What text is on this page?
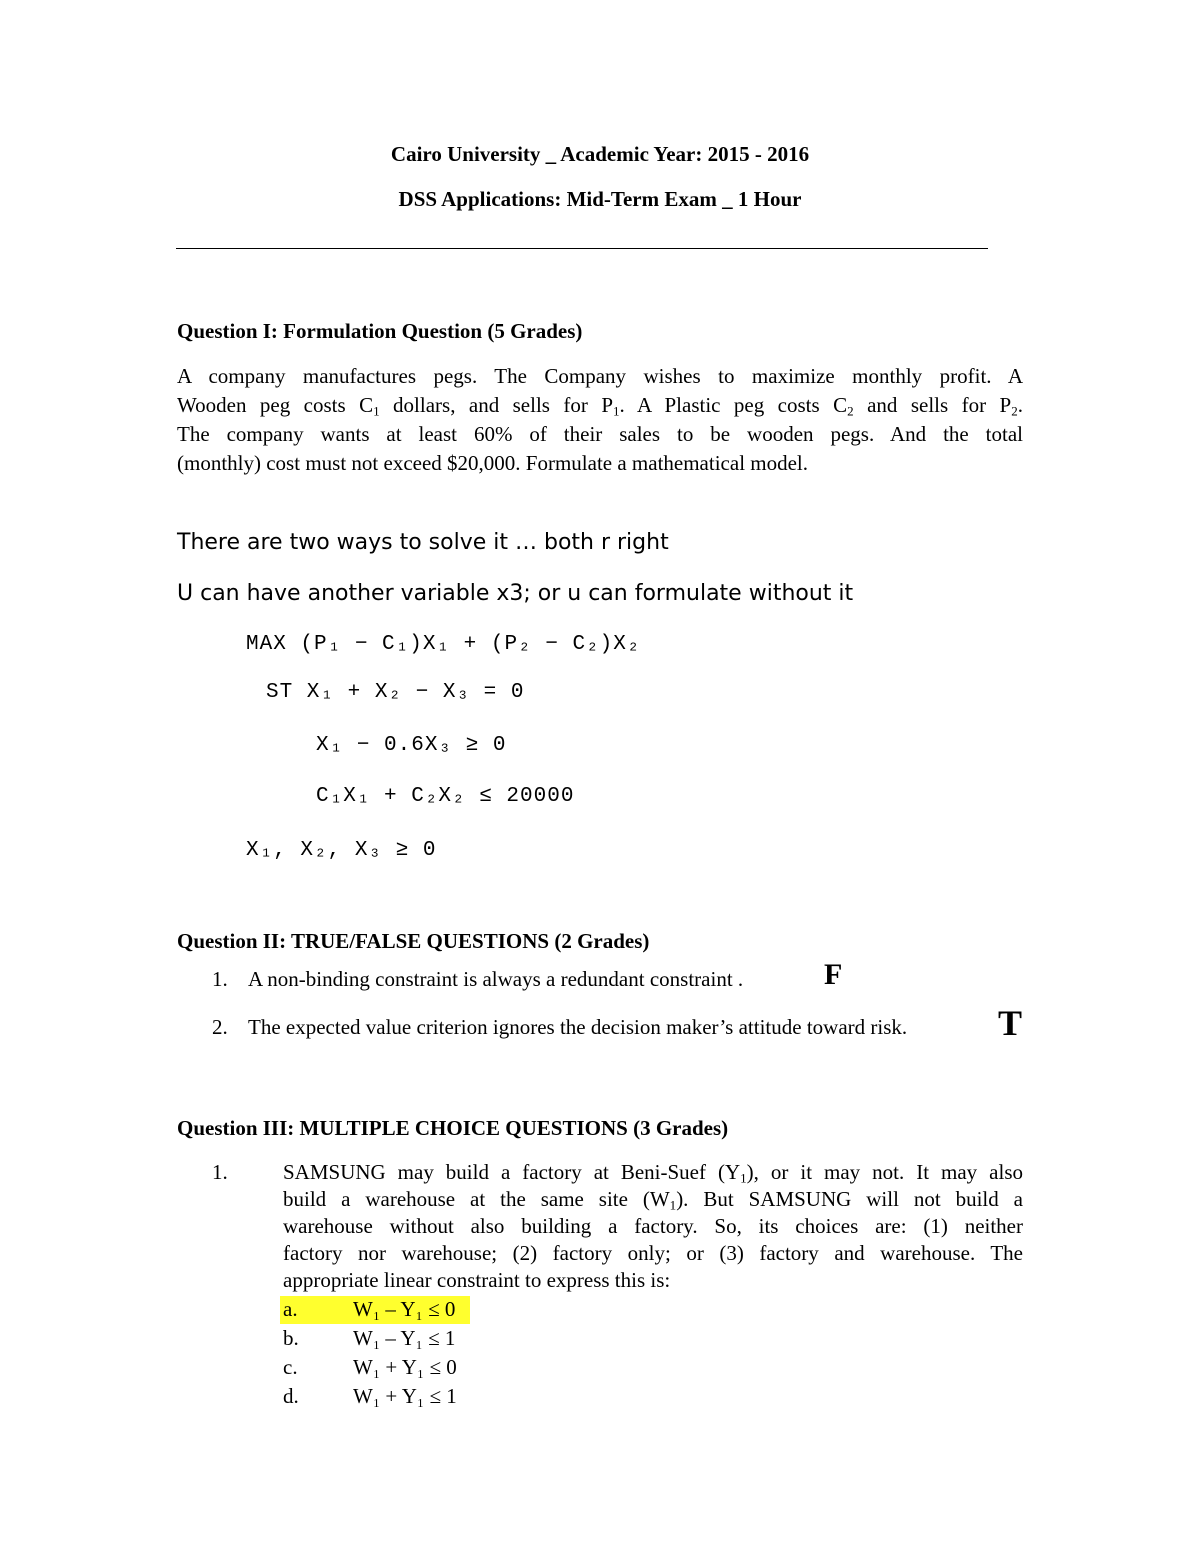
Cairo University _ Academic Year: 2015 - 2016
DSS Applications: Mid-Term Exam _ 1 Hour
Question I: Formulation Question (5 Grades)

A company manufactures pegs. The Company wishes to maximize monthly profit. A

Wooden peg costs $C_1$ dollars, and sells for $P_1$. A Plastic peg costs $C_2$ and sells for $P_2$.

The company wants at least 60% of their sales to be wooden pegs. And the total

(monthly) cost must not exceed $20,000. Formulate a mathematical model.

There are two ways to solve it … both r right
U can have another variable x3; or u can formulate without it
MAX (P₁ − C₁)X₁ + (P₂ − C₂)X₂
ST X₁ + X₂ − X₃ = 0
X₁ − 0.6X₃ ≥ 0
C₁X₁ + C₂X₂ ≤ 20000
X₁, X₂, X₃ ≥ 0
Question II: TRUE/FALSE QUESTIONS (2 Grades)
1. A non-binding constraint is always a redundant constraint .	F
2. The expected value criterion ignores the decision maker’s attitude toward risk.	T
Question III: MULTIPLE CHOICE QUESTIONS (3 Grades)
1.	SAMSUNG may build a factory at Beni-Suef $(Y_1)$, or it may not. It may also

build a warehouse at the same site $(W_1)$. But SAMSUNG will not build a

warehouse without also building a factory. So, its choices are: (1) neither

factory nor warehouse; (2) factory only; or (3) factory and warehouse. The

appropriate linear constraint to express this is:

a.	W₁ – Y₁ ≤ 0
b.	W₁ – Y₁ ≤ 1
c.	W₁ + Y₁ ≤ 0
d.	W₁ + Y₁ ≤ 1
